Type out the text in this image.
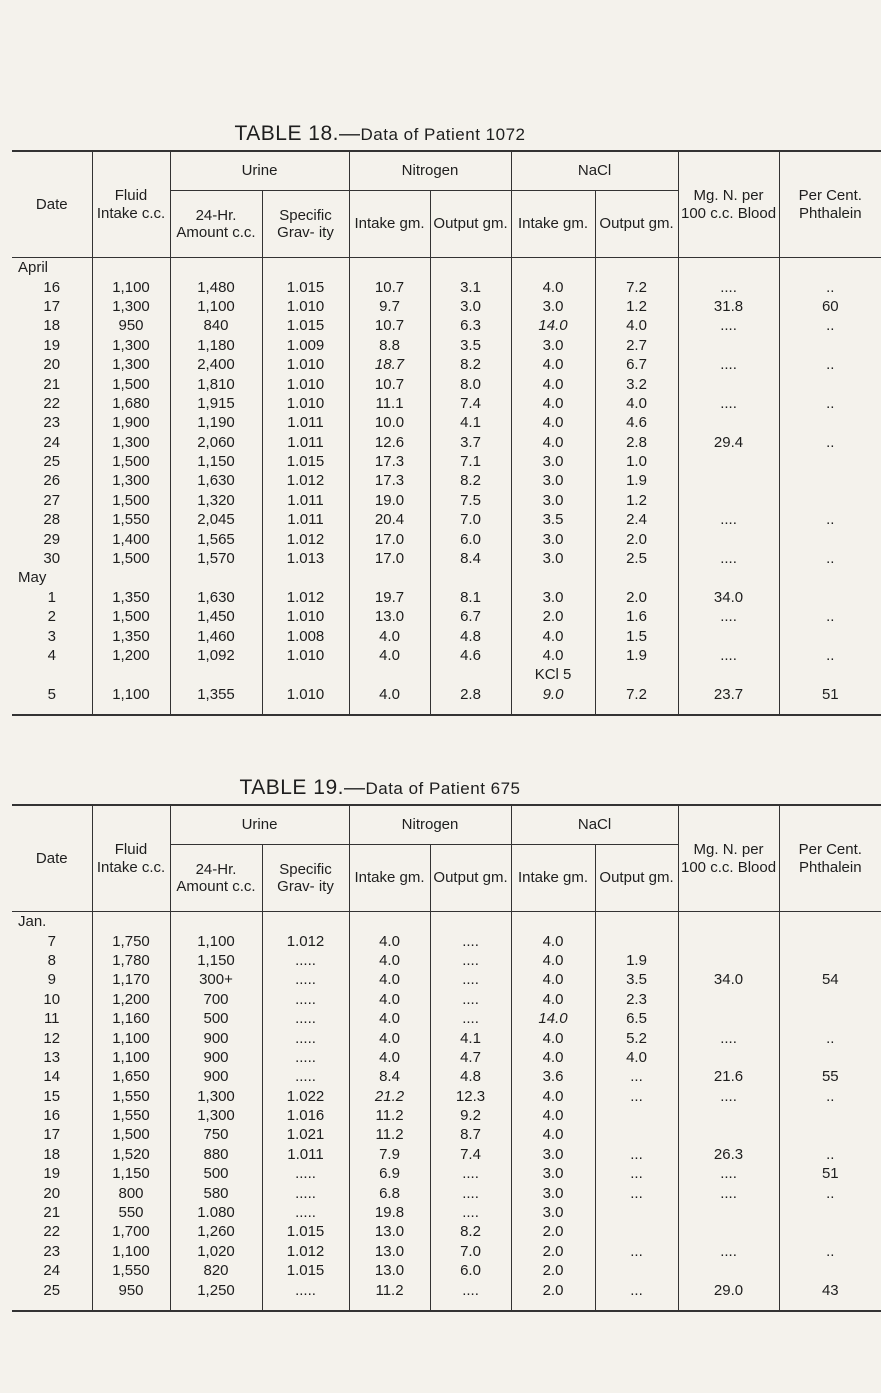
TABLE 18.—Data of Patient 1072
Date	Fluid Intake c.c.	Urine		Nitrogen		NaCl		Mg. N. per 100 c.c. Blood	Per Cent. Phthalein
		24-Hr. Amount c.c.	Specific Grav- ity	Intake gm.	Output gm.	Intake gm.	Output gm.		
April									
16	1,100	1,480	1.015	10.7	3.1	4.0	7.2	....	..
17	1,300	1,100	1.010	9.7	3.0	3.0	1.2	31.8	60
18	950	840	1.015	10.7	6.3	14.0	4.0	....	..
19	1,300	1,180	1.009	8.8	3.5	3.0	2.7		
20	1,300	2,400	1.010	18.7	8.2	4.0	6.7	....	..
21	1,500	1,810	1.010	10.7	8.0	4.0	3.2		
22	1,680	1,915	1.010	11.1	7.4	4.0	4.0	....	..
23	1,900	1,190	1.011	10.0	4.1	4.0	4.6		
24	1,300	2,060	1.011	12.6	3.7	4.0	2.8	29.4	..
25	1,500	1,150	1.015	17.3	7.1	3.0	1.0		
26	1,300	1,630	1.012	17.3	8.2	3.0	1.9		
27	1,500	1,320	1.011	19.0	7.5	3.0	1.2		
28	1,550	2,045	1.011	20.4	7.0	3.5	2.4	....	..
29	1,400	1,565	1.012	17.0	6.0	3.0	2.0		
30	1,500	1,570	1.013	17.0	8.4	3.0	2.5	....	..
May									
1	1,350	1,630	1.012	19.7	8.1	3.0	2.0	34.0	
2	1,500	1,450	1.010	13.0	6.7	2.0	1.6	....	..
3	1,350	1,460	1.008	4.0	4.8	4.0	1.5		
4	1,200	1,092	1.010	4.0	4.6	4.0	1.9	....	..
						KCl 5			
5	1,100	1,355	1.010	4.0	2.8	9.0	7.2	23.7	51

TABLE 19.—Data of Patient 675
Date	Fluid Intake c.c.	Urine		Nitrogen		NaCl		Mg. N. per 100 c.c. Blood	Per Cent. Phthalein
		24-Hr. Amount c.c.	Specific Grav- ity	Intake gm.	Output gm.	Intake gm.	Output gm.		
Jan.									
7	1,750	1,100	1.012	4.0	....	4.0			
8	1,780	1,150	.....	4.0	....	4.0	1.9		
9	1,170	300+	.....	4.0	....	4.0	3.5	34.0	54
10	1,200	700	.....	4.0	....	4.0	2.3		
11	1,160	500	.....	4.0	....	14.0	6.5		
12	1,100	900	.....	4.0	4.1	4.0	5.2	....	..
13	1,100	900	.....	4.0	4.7	4.0	4.0		
14	1,650	900	.....	8.4	4.8	3.6	...	21.6	55
15	1,550	1,300	1.022	21.2	12.3	4.0	...	....	..
16	1,550	1,300	1.016	11.2	9.2	4.0			
17	1,500	750	1.021	11.2	8.7	4.0			
18	1,520	880	1.011	7.9	7.4	3.0	...	26.3	..
19	1,150	500	.....	6.9	....	3.0	...	....	51
20	800	580	.....	6.8	....	3.0	...	....	..
21	550	1.080	.....	19.8	....	3.0			
22	1,700	1,260	1.015	13.0	8.2	2.0			
23	1,100	1,020	1.012	13.0	7.0	2.0	...	....	..
24	1,550	820	1.015	13.0	6.0	2.0			
25	950	1,250	.....	11.2	....	2.0	...	29.0	43
